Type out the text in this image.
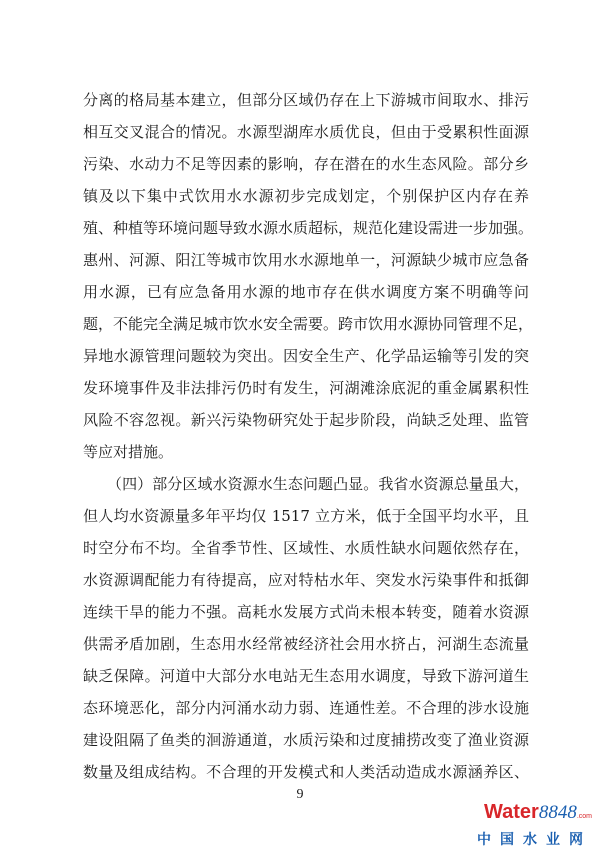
分离的格局基本建立，但部分区域仍存在上下游城市间取水、排污
相互交叉混合的情况。水源型湖库水质优良，但由于受累积性面源
污染、水动力不足等因素的影响，存在潜在的水生态风险。部分乡
镇及以下集中式饮用水水源初步完成划定，个别保护区内存在养
殖、种植等环境问题导致水源水质超标，规范化建设需进一步加强。
惠州、河源、阳江等城市饮用水水源地单一，河源缺少城市应急备
用水源，已有应急备用水源的地市存在供水调度方案不明确等问
题，不能完全满足城市饮水安全需要。跨市饮用水源协同管理不足，
异地水源管理问题较为突出。因安全生产、化学品运输等引发的突
发环境事件及非法排污仍时有发生，河湖滩涂底泥的重金属累积性
风险不容忽视。新兴污染物研究处于起步阶段，尚缺乏处理、监管
等应对措施。
（四）部分区域水资源水生态问题凸显。我省水资源总量虽大，
但人均水资源量多年平均仅 1517 立方米，低于全国平均水平，且
时空分布不均。全省季节性、区域性、水质性缺水问题依然存在，
水资源调配能力有待提高，应对特枯水年、突发水污染事件和抵御
连续干旱的能力不强。高耗水发展方式尚未根本转变，随着水资源
供需矛盾加剧，生态用水经常被经济社会用水挤占，河湖生态流量
缺乏保障。河道中大部分水电站无生态用水调度，导致下游河道生
态环境恶化，部分内河涌水动力弱、连通性差。不合理的涉水设施
建设阻隔了鱼类的洄游通道，水质污染和过度捕捞改变了渔业资源
数量及组成结构。不合理的开发模式和人类活动造成水源涵养区、
9
Water8848.com
中国水业网
